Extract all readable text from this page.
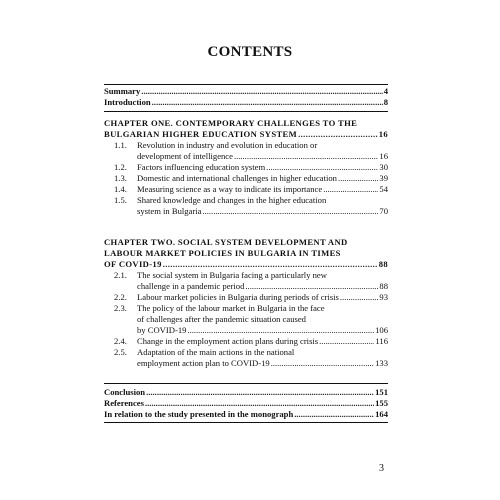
CONTENTS
Summary .....	4
Introduction .....	8
CHAPTER ONE. CONTEMPORARY CHALLENGES TO THE
BULGARIAN HIGHER EDUCATION SYSTEM .....	16
1.1. Revolution in industry and evolution in education or
development of intelligence .....	16
1.2.	Factors influencing education system .....	30
1.3.	Domestic and international challenges in higher education .....	39
1.4.	Measuring science as a way to indicate its importance .....	54
1.5. Shared knowledge and changes in the higher education
system in Bulgaria .....	70
CHAPTER TWO. SOCIAL SYSTEM DEVELOPMENT AND
LABOUR MARKET POLICIES IN BULGARIA IN TIMES
OF COVID-19 .....	88
2.1. The social system in Bulgaria facing a particularly new
challenge in a pandemic period .....	88
2.2.	Labour market policies in Bulgaria during periods of crisis .....	93
2.3. The policy of the labour market in Bulgaria in the face
of challenges after the pandemic situation caused
by COVID-19 .....	106
2.4.	Change in the employment action plans during crisis .....	116
2.5. Adaptation of the main actions in the national
employment action plan to COVID-19 .....	133
Conclusion .....	151
References .....	155
In relation to the study presented in the monograph .....	164
3
